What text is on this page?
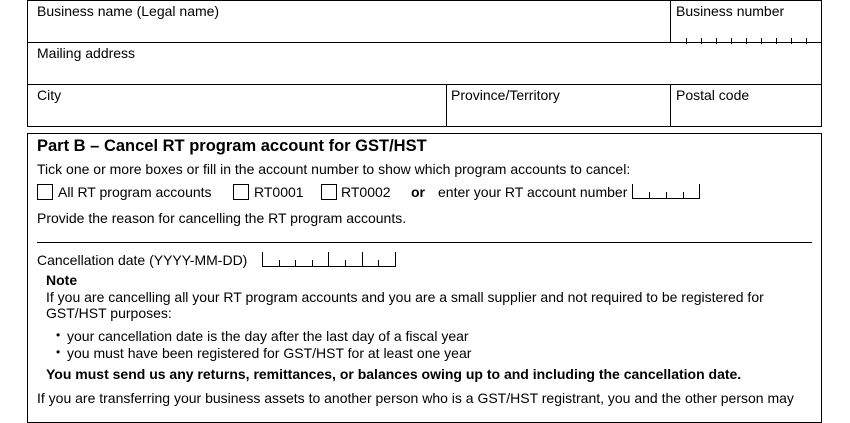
Business name (Legal name)	Business number
Mailing address
City	Province/Territory	Postal code
Part B – Cancel RT program account for GST/HST
Tick one or more boxes or fill in the account number to show which program accounts to cancel:
All RT program accounts	RT0001	RT0002 or enter your RT account number
Provide the reason for cancelling the RT program accounts.
Cancellation date (YYYY-MM-DD)
Note
If you are cancelling all your RT program accounts and you are a small supplier and not required to be registered for
GST/HST purposes:
• your cancellation date is the day after the last day of a fiscal year
• you must have been registered for GST/HST for at least one year
You must send us any returns, remittances, or balances owing up to and including the cancellation date.
If you are transferring your business assets to another person who is a GST/HST registrant, you and the other person may
